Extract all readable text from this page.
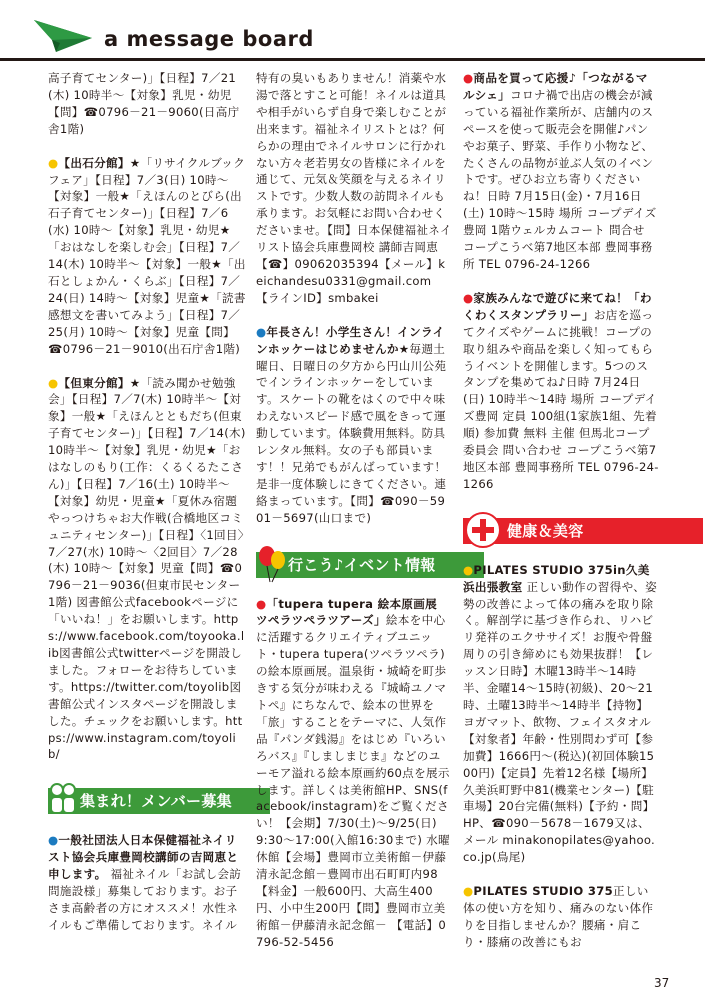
a message board

高子育てセンター)」【日程】7／21(木) 10時半～【対象】乳児・幼児【問】☎0796－21－9060(日高庁舎1階)

●【出石分館】★「リサイクルブックフェア」【日程】7／3(日) 10時～【対象】一般★「えほんのとびら(出石子育てセンター)」【日程】7／6(水) 10時～【対象】乳児・幼児★「おはなしを楽しむ会」【日程】7／14(木) 10時半～【対象】一般★「出石としょかん・くらぶ」【日程】7／24(日) 14時～【対象】児童★「読書感想文を書いてみよう」【日程】7／25(月) 10時～【対象】児童【問】☎0796－21－9010(出石庁舎1階)

●【但東分館】★「読み聞かせ勉強会」【日程】7／7(木) 10時半～【対象】一般★「えほんとともだち(但東子育てセンター)」【日程】7／14(木) 10時半～【対象】乳児・幼児★「おはなしのもり(工作：くるくるたこさん)」【日程】7／16(土) 10時半～【対象】幼児・児童★「夏休み宿題やっつけちゃお大作戦(合橋地区コミュニティセンター)」【日程】〈1回目〉7／27(水) 10時～〈2回目〉7／28(木) 10時～【対象】児童【問】☎0796－21－9036(但東市民センター1階) 図書館公式facebookページに「いいね！」をお願いします。https://www.facebook.com/toyooka.lib図書館公式twitterページを開設しました。フォローをお待ちしています。https://twitter.com/toyolib図書館公式インスタページを開設しました。チェックをお願いします。https://www.instagram.com/toyolib/

集まれ！メンバー募集

●一般社団法人日本保健福祉ネイリスト協会兵庫豊岡校講師の吉岡恵と申します。 福祉ネイル「お試し会訪問施設様」募集しております。お子さま高齢者の方にオススメ！水性ネイルもご準備しております。ネイル

特有の臭いもありません！消薬や水湯で落とすこと可能！ネイルは道具や相手がいらず自身で楽しむことが出来ます。福祉ネイリストとは？何らかの理由でネイルサロンに行かれない方々老若男女の皆様にネイルを通じて、元気＆笑顔を与えるネイリストです。少数人数の訪問ネイルも承ります。お気軽にお問い合わせくださいませ。【問】日本保健福祉ネイリスト協会兵庫豊岡校 講師吉岡恵【☎】09062035394【メール】keichandesu0331@gmail.com【ラインID】smbakei

●年長さん！小学生さん！インラインホッケーはじめませんか★毎週土曜日、日曜日の夕方から円山川公苑でインラインホッケーをしています。スケートの靴をはくので中々味わえないスピード感で風をきって運動しています。体験費用無料。防具レンタル無料。女の子も部員います！！兄弟でもがんばっています！是非一度体験しにきてください。連絡まっています。【問】☎090－5901－5697(山口まで)

行こう♪イベント情報

●「tupera tupera 絵本原画展 ツペラツペラツアーズ」絵本を中心に活躍するクリエイティブユニット・tupera tupera(ツペラツペラ)の絵本原画展。温泉街・城崎を町歩きする気分が味わえる『城崎ユノマトペ』にちなんで、絵本の世界を「旅」することをテーマに、人気作品『パンダ銭湯』をはじめ『いろいろバス』『しましまじま』などのユーモア溢れる絵本原画約60点を展示します。詳しくは美術館HP、SNS(facebook/instagram)をご覧ください！【会期】7/30(土)～9/25(日) 9:30～17:00(入館16:30まで) 水曜休館【会場】豊岡市立美術館－伊藤清永記念館－豊岡市出石町町内98【料金】一般600円、大高生400円、小中生200円【問】豊岡市立美術館－伊藤清永記念館－ 【電話】0796-52-5456

●商品を買って応援♪「つながるマルシェ」コロナ禍で出店の機会が減っている福祉作業所が、店舗内のスペースを使って販売会を開催♪パンやお菓子、野菜、手作り小物など、たくさんの品物が並ぶ人気のイベントです。ぜひお立ち寄りくださいね！日時 7月15日(金)・7月16日(土) 10時～15時 場所 コープデイズ豊岡 1階ウェルカムコート 問合せ コープこうべ第7地区本部 豊岡事務所 TEL 0796-24-1266

●家族みんなで遊びに来てね！「わくわくスタンプラリー」お店を巡ってクイズやゲームに挑戦！コープの取り組みや商品を楽しく知ってもらうイベントを開催します。5つのスタンプを集めてね♪日時 7月24日(日) 10時半～14時 場所 コープデイズ豊岡 定員 100組(1家族1組、先着順) 参加費 無料 主催 但馬北コープ委員会 問い合わせ コープこうべ第7地区本部 豊岡事務所 TEL 0796-24-1266

健康＆美容

●PILATES STUDIO 375in久美浜出張教室 正しい動作の習得や、姿勢の改善によって体の痛みを取り除く。解剖学に基づき作られ、リハビリ発祥のエクササイズ！お腹や骨盤周りの引き締めにも効果抜群！【レッスン日時】木曜13時半～14時半、金曜14～15時(初級)、20～21時、土曜13時半～14時半【持物】ヨガマット、飲物、フェイスタオル【対象者】年齢・性別問わず可【参加費】1666円～(税込)(初回体験1500円)【定員】先着12名様【場所】久美浜町野中81(機業センター)【駐車場】20台完備(無料)【予約・問】HP、☎090－5678－1679又は、メール minakonopilates@yahoo.co.jp(鳥尾)

●PILATES STUDIO 375正しい体の使い方を知り、痛みのない体作りを目指しませんか？腰痛・肩こり・膝痛の改善にもお

37
